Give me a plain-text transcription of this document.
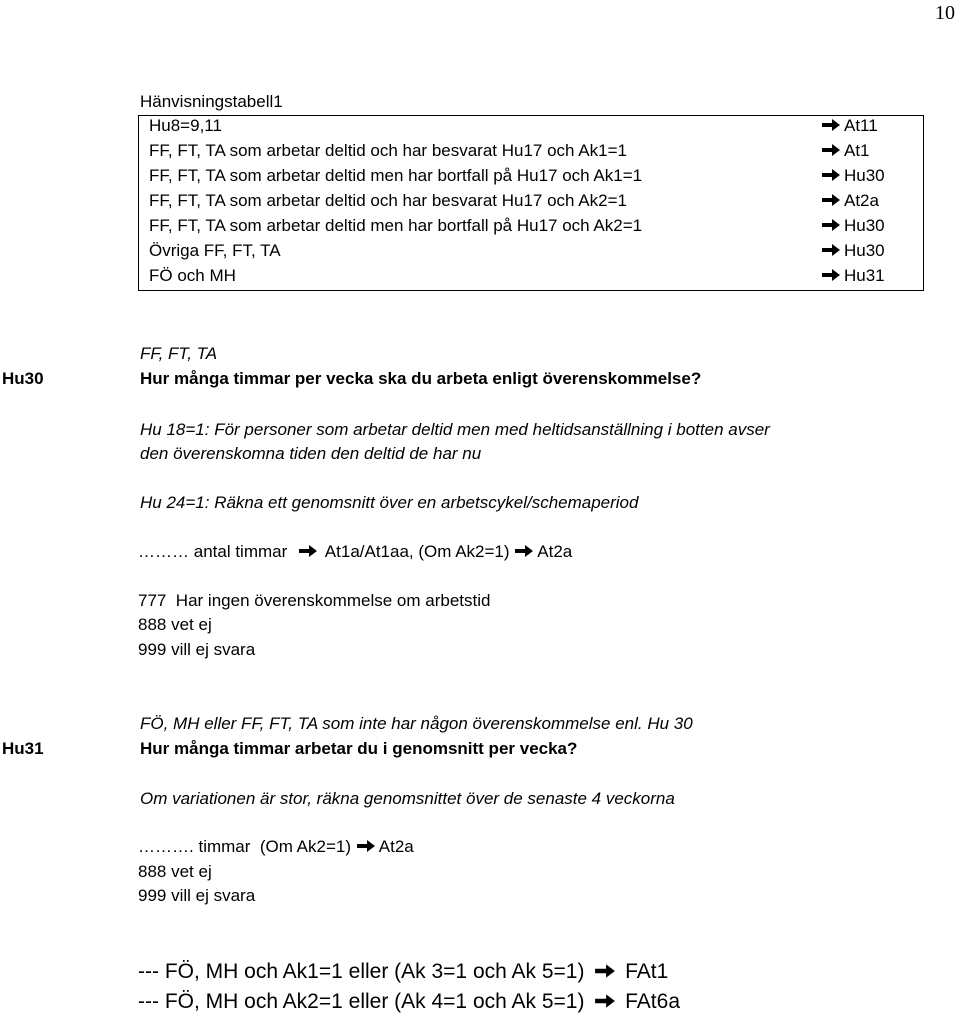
10
Hänvisningstabell1
Hu8=9,11	At11
FF, FT, TA som arbetar deltid och har besvarat Hu17 och Ak1=1	At1
FF, FT, TA som arbetar deltid men har bortfall på Hu17 och Ak1=1	Hu30
FF, FT, TA som arbetar deltid och har besvarat Hu17 och Ak2=1	At2a
FF, FT, TA som arbetar deltid men har bortfall på Hu17 och Ak2=1	Hu30
Övriga FF, FT, TA	Hu30
FÖ och MH	Hu31
Hu30
FF, FT, TA
Hur många timmar per vecka ska du arbeta enligt överenskommelse?
Hu 18=1: För personer som arbetar deltid men med heltidsanställning i botten avser
den överenskomna tiden den deltid de har nu
Hu 24=1: Räkna ett genomsnitt över en arbetscykel/schemaperiod
……… antal timmar At1a/At1aa, (Om Ak2=1) At2a
777  Har ingen överenskommelse om arbetstid
888 vet ej
999 vill ej svara
Hu31
FÖ, MH eller FF, FT, TA som inte har någon överenskommelse enl. Hu 30
Hur många timmar arbetar du i genomsnitt per vecka?
Om variationen är stor, räkna genomsnittet över de senaste 4 veckorna
………. timmar  (Om Ak2=1) At2a
888 vet ej
999 vill ej svara
--- FÖ, MH och Ak1=1 eller (Ak 3=1 och Ak 5=1) FAt1
--- FÖ, MH och Ak2=1 eller (Ak 4=1 och Ak 5=1) FAt6a
